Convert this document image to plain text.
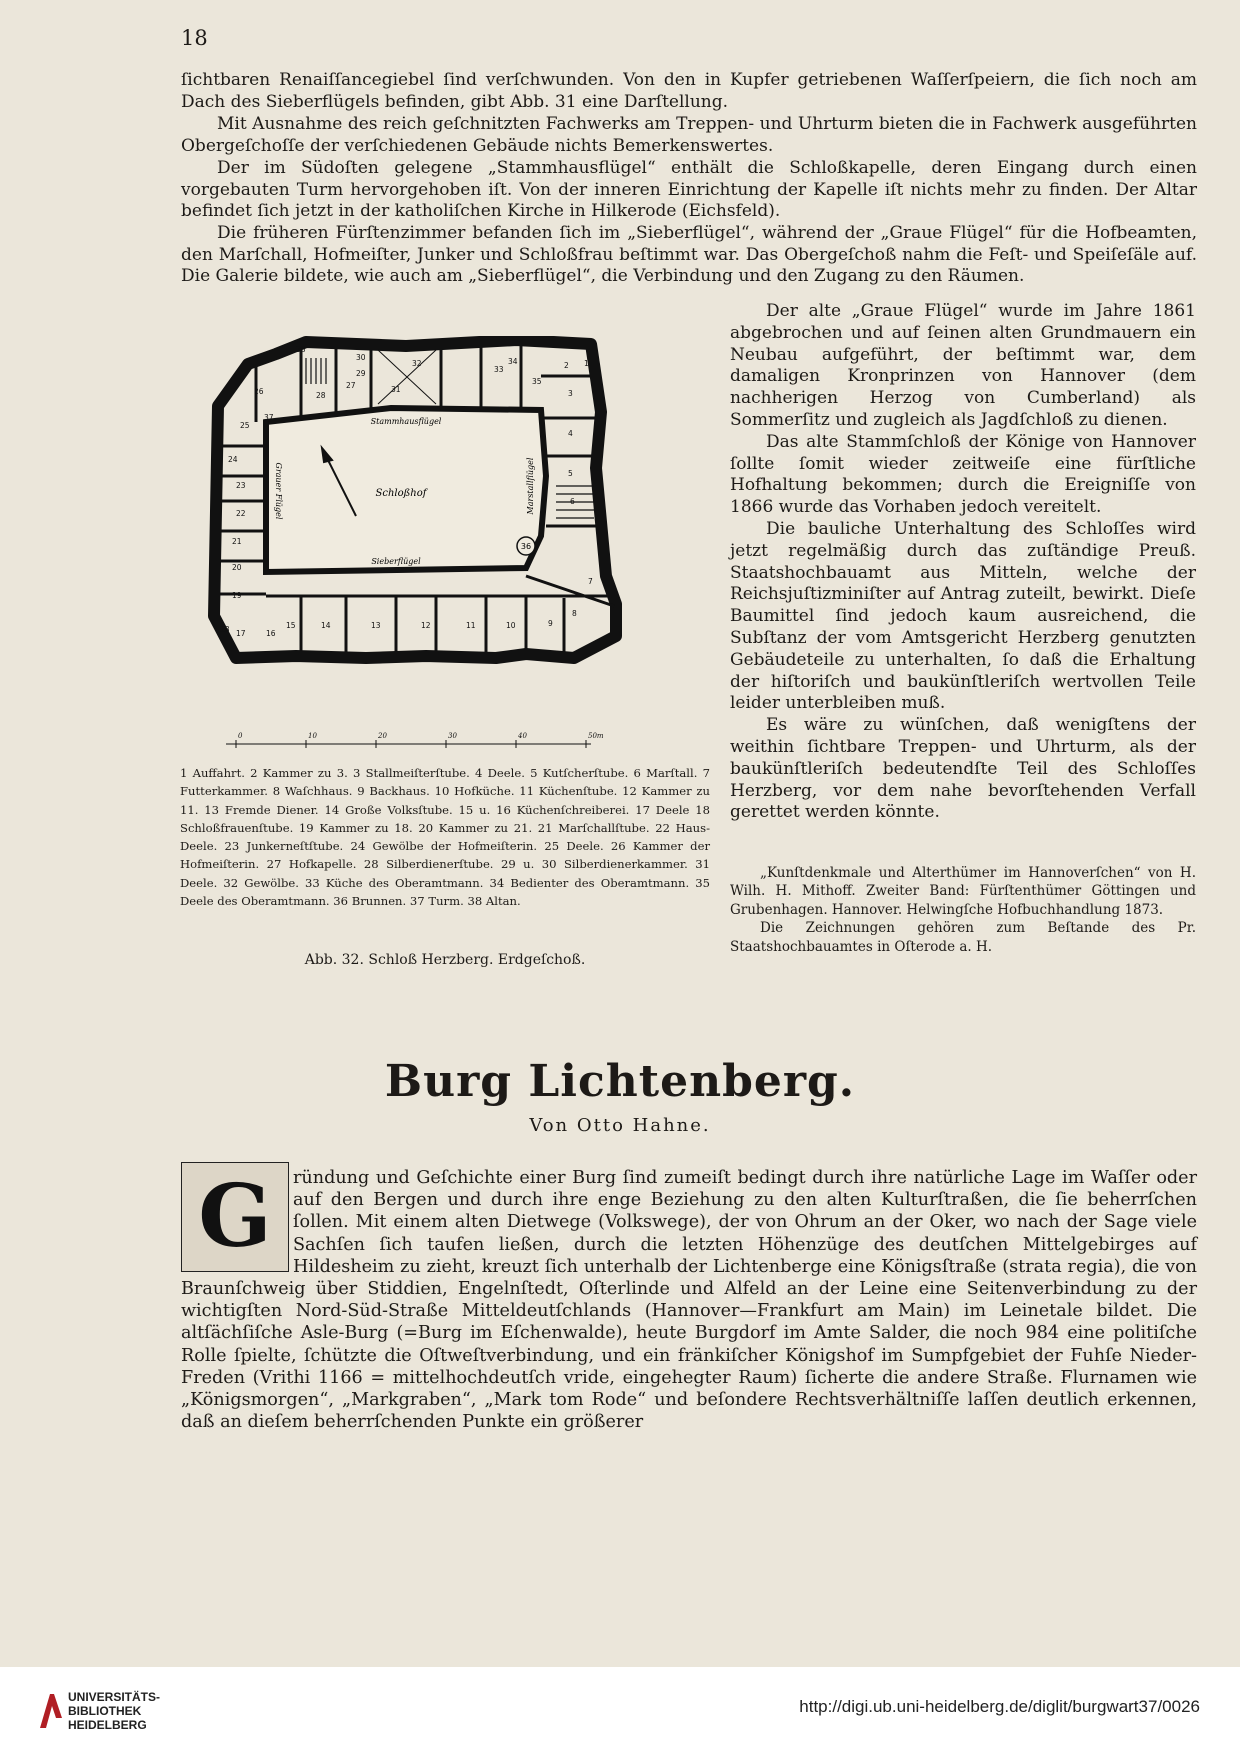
18

ſichtbaren Renaiſſancegiebel ſind verſchwunden. Von den in Kupfer getriebenen Waſſerſpeiern, die ſich noch am Dach des Sieberflügels befinden, gibt Abb. 31 eine Darſtellung.

Mit Ausnahme des reich geſchnitzten Fachwerks am Treppen- und Uhrturm bieten die in Fachwerk ausgeführten Obergeſchoſſe der verſchiedenen Gebäude nichts Bemerkenswertes.

Der im Südoſten gelegene „Stammhausflügel“ enthält die Schloßkapelle, deren Eingang durch einen vorgebauten Turm hervorgehoben iſt. Von der inneren Einrichtung der Kapelle iſt nichts mehr zu finden. Der Altar befindet ſich jetzt in der katholiſchen Kirche in Hilkerode (Eichsfeld).

Die früheren Fürſtenzimmer befanden ſich im „Sieberflügel“, während der „Graue Flügel“ für die Hofbeamten, den Marſchall, Hofmeiſter, Junker und Schloßfrau beſtimmt war. Das Obergeſchoß nahm die Feſt- und Speiſeſäle auf. Die Galerie bildete, wie auch am „Sieberflügel“, die Verbindung und den Zugang zu den Räumen.

Der alte „Graue Flügel“ wurde im Jahre 1861 abgebrochen und auf ſeinen alten Grundmauern ein Neubau aufgeführt, der beſtimmt war, dem damaligen Kronprinzen von Hannover (dem nachherigen Herzog von Cumberland) als Sommerſitz und zugleich als Jagdſchloß zu dienen.

Das alte Stammſchloß der Könige von Hannover ſollte ſomit wieder zeitweiſe eine fürſtliche Hofhaltung bekommen; durch die Ereigniſſe von 1866 wurde das Vorhaben jedoch vereitelt.

Die bauliche Unterhaltung des Schloſſes wird jetzt regelmäßig durch das zuſtändige Preuß. Staatshochbauamt aus Mitteln, welche der Reichsjuſtizminiſter auf Antrag zuteilt, bewirkt. Dieſe Baumittel ſind jedoch kaum ausreichend, die Subſtanz der vom Amtsgericht Herzberg genutzten Gebäudeteile zu unterhalten, ſo daß die Erhaltung der hiſtoriſch und baukünſtleriſch wertvollen Teile leider unterbleiben muß.

Es wäre zu wünſchen, daß wenigſtens der weithin ſichtbare Treppen- und Uhrturm, als der baukünſtleriſch bedeutendſte Teil des Schloſſes Herzberg, vor dem nahe bevorſtehenden Verfall gerettet werden könnte.

„Kunſtdenkmale und Alterthümer im Hannoverſchen“ von H. Wilh. H. Mithoff. Zweiter Band: Fürſtenthümer Göttingen und Grubenhagen. Hannover. Helwingſche Hofbuchhandlung 1873.

Die Zeichnungen gehören zum Beſtande des Pr. Staatshochbauamtes in Oſterode a. H.

36
Schloßhof
Stammhausflügel
Sieberflügel
Grauer Flügel	Marstallflügel
1
2
3
4
5
6
7
8
9
10
11
12
13
14
15
16
17
18
19
20
21
22
23
24
25
26
27
28
29
30
31
32
33
34
35
37
38
0	10	20	30	40	50m
1 Auffahrt. 2 Kammer zu 3. 3 Stallmeiſterſtube. 4 Deele. 5 Kutſcherſtube. 6 Marſtall. 7 Futterkammer. 8 Waſchhaus. 9 Backhaus. 10 Hofküche. 11 Küchenſtube. 12 Kammer zu 11. 13 Fremde Diener. 14 Große Volksſtube. 15 u. 16 Küchenſchreiberei. 17 Deele 18 Schloßfrauenſtube. 19 Kammer zu 18. 20 Kammer zu 21. 21 Marſchallſtube. 22 Haus-Deele. 23 Junkerneſtſtube. 24 Gewölbe der Hofmeiſterin. 25 Deele. 26 Kammer der Hofmeiſterin. 27 Hofkapelle. 28 Silberdienerſtube. 29 u. 30 Silberdienerkammer. 31 Deele. 32 Gewölbe. 33 Küche des Oberamtmann. 34 Bedienter des Oberamtmann. 35 Deele des Oberamtmann. 36 Brunnen. 37 Turm. 38 Altan.
Abb. 32. Schloß Herzberg. Erdgeſchoß.
Burg Lichtenberg.
Von Otto Hahne.
G	ründung und Geſchichte einer Burg ſind zumeiſt bedingt durch ihre natürliche Lage im Waſſer oder auf den Bergen und durch ihre enge Beziehung zu den alten Kulturſtraßen, die ſie beherrſchen ſollen. Mit einem alten Dietwege (Volkswege), der von Ohrum an der Oker, wo nach der Sage viele Sachſen ſich taufen ließen, durch die letzten Höhenzüge des deutſchen Mittelgebirges auf Hildesheim zu zieht, kreuzt ſich unterhalb der Lichtenberge eine Königsſtraße (strata regia), die von Braunſchweig über Stiddien, Engelnſtedt, Oſterlinde und Alfeld an der Leine eine Seitenverbindung zu der wichtigſten Nord-Süd-Straße Mitteldeutſchlands (Hannover—Frankfurt am Main) im Leinetale bildet. Die altſächſiſche Asle-Burg (=Burg im Eſchenwalde), heute Burgdorf im Amte Salder, die noch 984 eine politiſche Rolle ſpielte, ſchützte die Oſtweſtverbindung, und ein fränkiſcher Königshof im Sumpfgebiet der Fuhſe Nieder-Freden (Vrithi 1166 = mittelhochdeutſch vride, eingehegter Raum) ſicherte die andere Straße. Flurnamen wie „Königsmorgen“, „Markgraben“, „Mark tom Rode“ und beſondere Rechtsverhältniſſe laſſen deutlich erkennen, daß an dieſem beherrſchenden Punkte ein größerer

UNIVERSITÄTS-
BIBLIOTHEK
HEIDELBERG
http://digi.ub.uni-heidelberg.de/diglit/burgwart37/0026
